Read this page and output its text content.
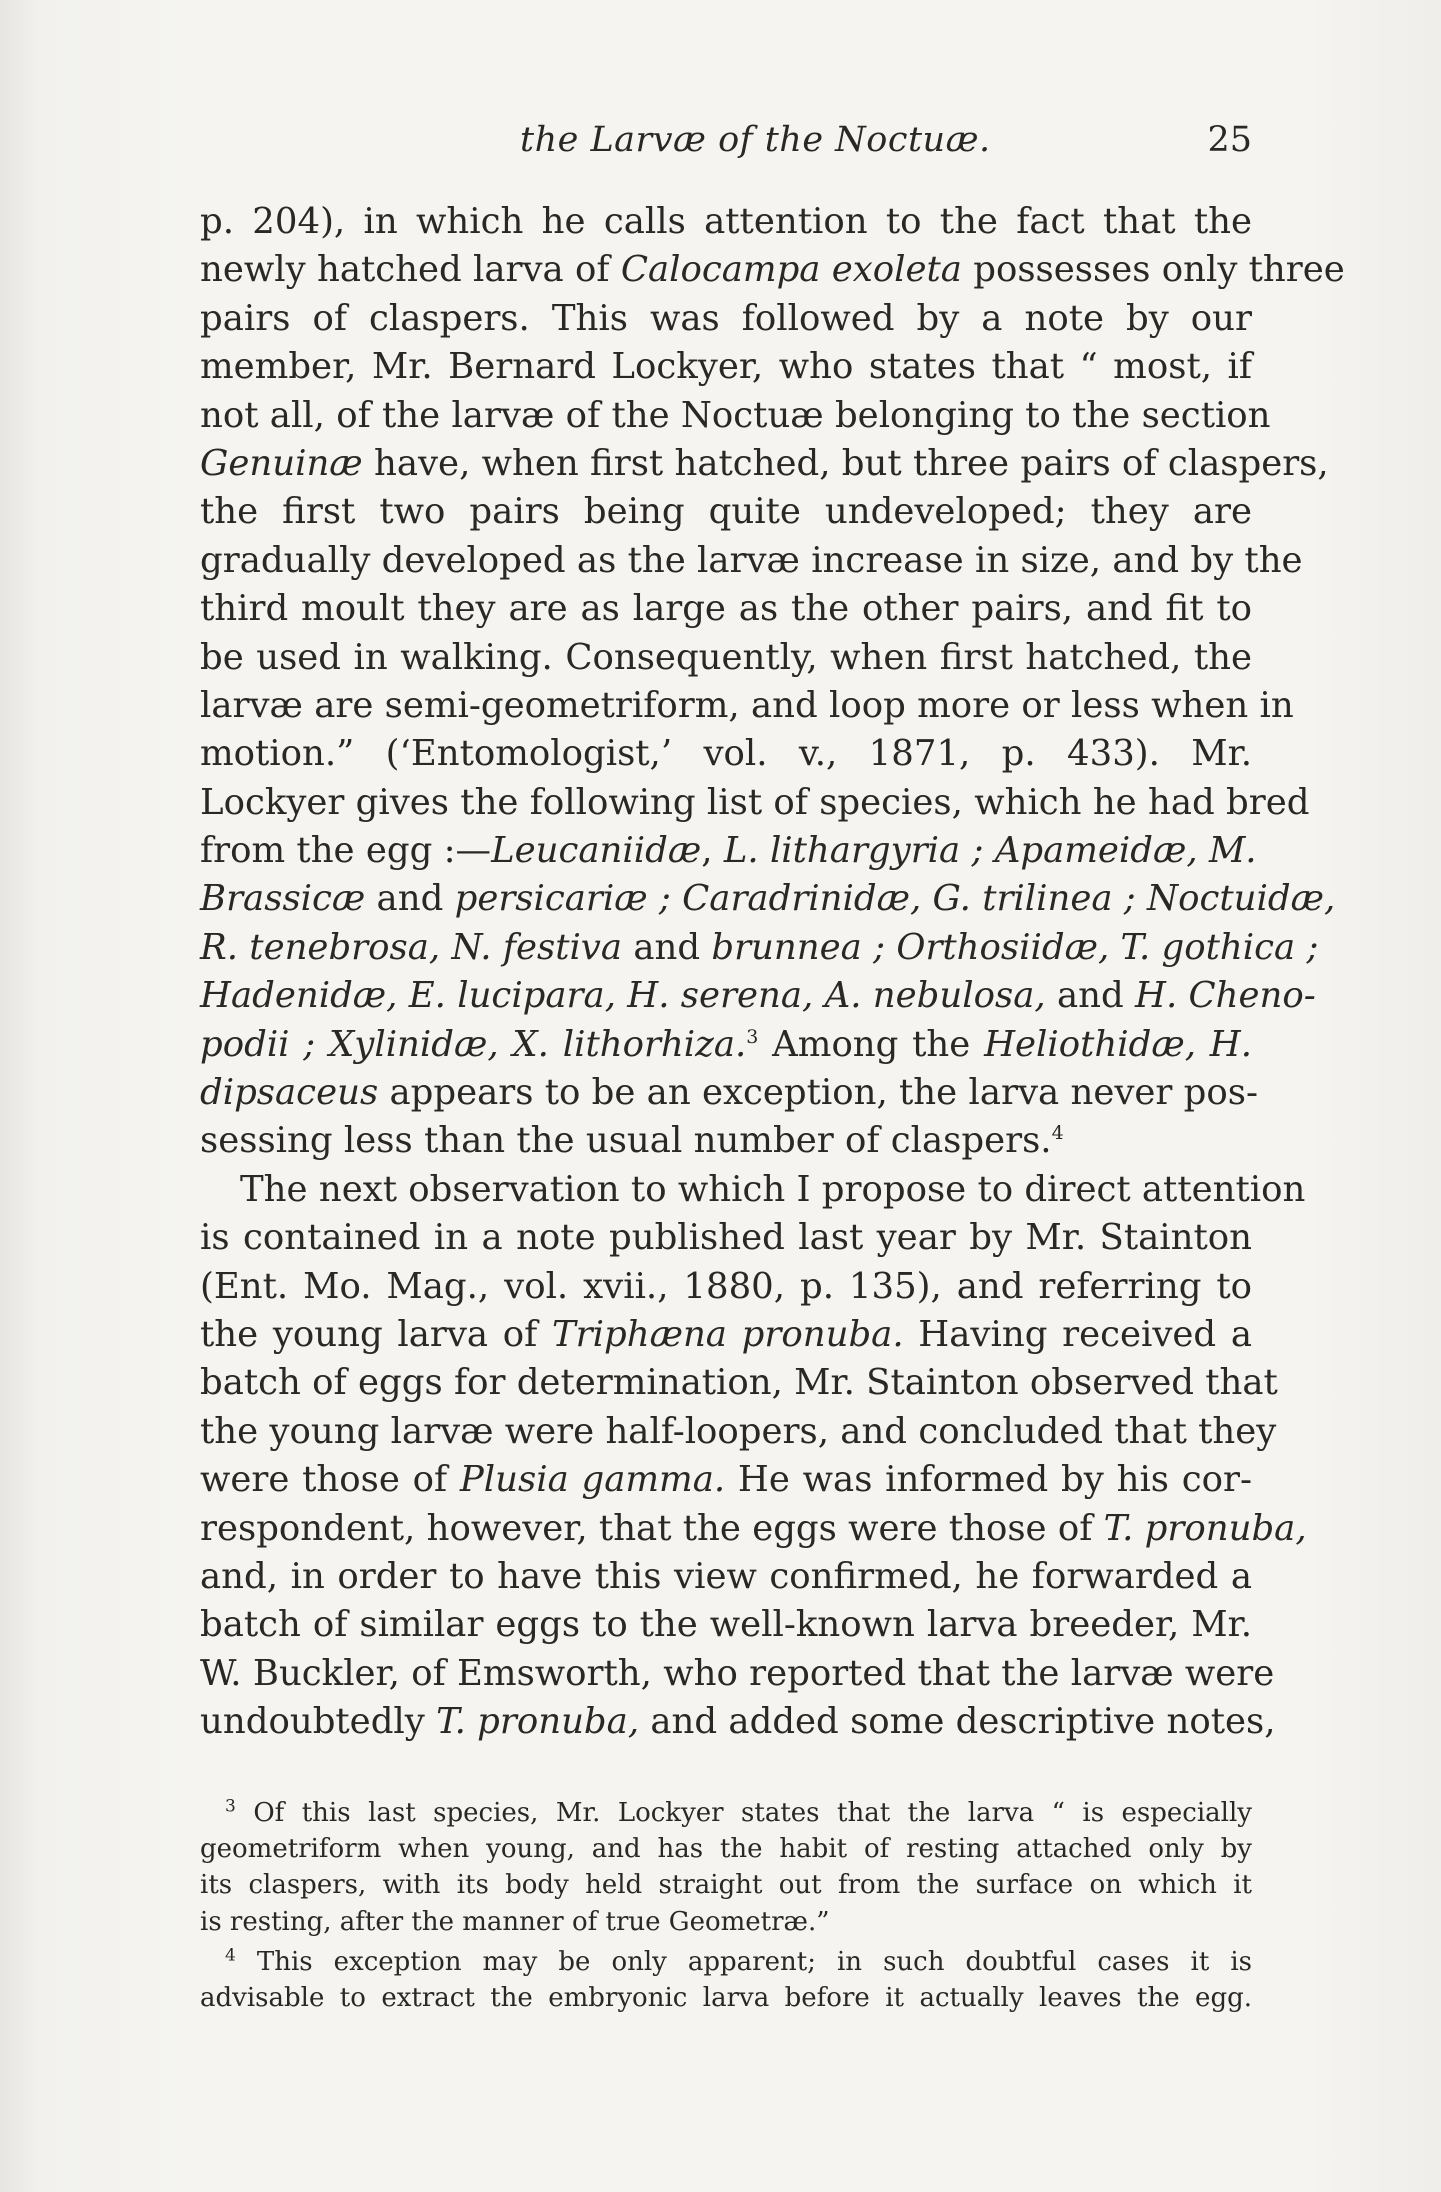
the Larvæ of the Noctuæ.	25
p. 204), in which he calls attention to the fact that the
newly hatched larva of Calocampa exoleta possesses only three
pairs of claspers. This was followed by a note by our
member, Mr. Bernard Lockyer, who states that “ most, if
not all, of the larvæ of the Noctuæ belonging to the section
Genuinæ have, when first hatched, but three pairs of claspers,
the first two pairs being quite undeveloped; they are
gradually developed as the larvæ increase in size, and by the
third moult they are as large as the other pairs, and fit to
be used in walking. Consequently, when first hatched, the
larvæ are semi-geometriform, and loop more or less when in
motion.” (‘Entomologist,’ vol. v., 1871, p. 433). Mr.
Lockyer gives the following list of species, which he had bred
from the egg :—Leucaniidæ, L. lithargyria ; Apameidæ, M.
Brassicæ and persicariæ ; Caradrinidæ, G. trilinea ; Noctuidæ,
R. tenebrosa, N. festiva and brunnea ; Orthosiidæ, T. gothica ;
Hadenidæ, E. lucipara, H. serena, A. nebulosa, and H. Cheno-
podii ; Xylinidæ, X. lithorhiza.$^3$ Among the Heliothidæ, H.
dipsaceus appears to be an exception, the larva never pos-
sessing less than the usual number of claspers.$^4$
The next observation to which I propose to direct attention
is contained in a note published last year by Mr. Stainton
(Ent. Mo. Mag., vol. xvii., 1880, p. 135), and referring to
the young larva of Triphæna pronuba. Having received a
batch of eggs for determination, Mr. Stainton observed that
the young larvæ were half-loopers, and concluded that they
were those of Plusia gamma. He was informed by his cor-
respondent, however, that the eggs were those of T. pronuba,
and, in order to have this view confirmed, he forwarded a
batch of similar eggs to the well-known larva breeder, Mr.
W. Buckler, of Emsworth, who reported that the larvæ were
undoubtedly T. pronuba, and added some descriptive notes,
$^3$ Of this last species, Mr. Lockyer states that the larva “ is especially
geometriform when young, and has the habit of resting attached only by
its claspers, with its body held straight out from the surface on which it
is resting, after the manner of true Geometræ.”
$^4$ This exception may be only apparent; in such doubtful cases it is
advisable to extract the embryonic larva before it actually leaves the egg.
